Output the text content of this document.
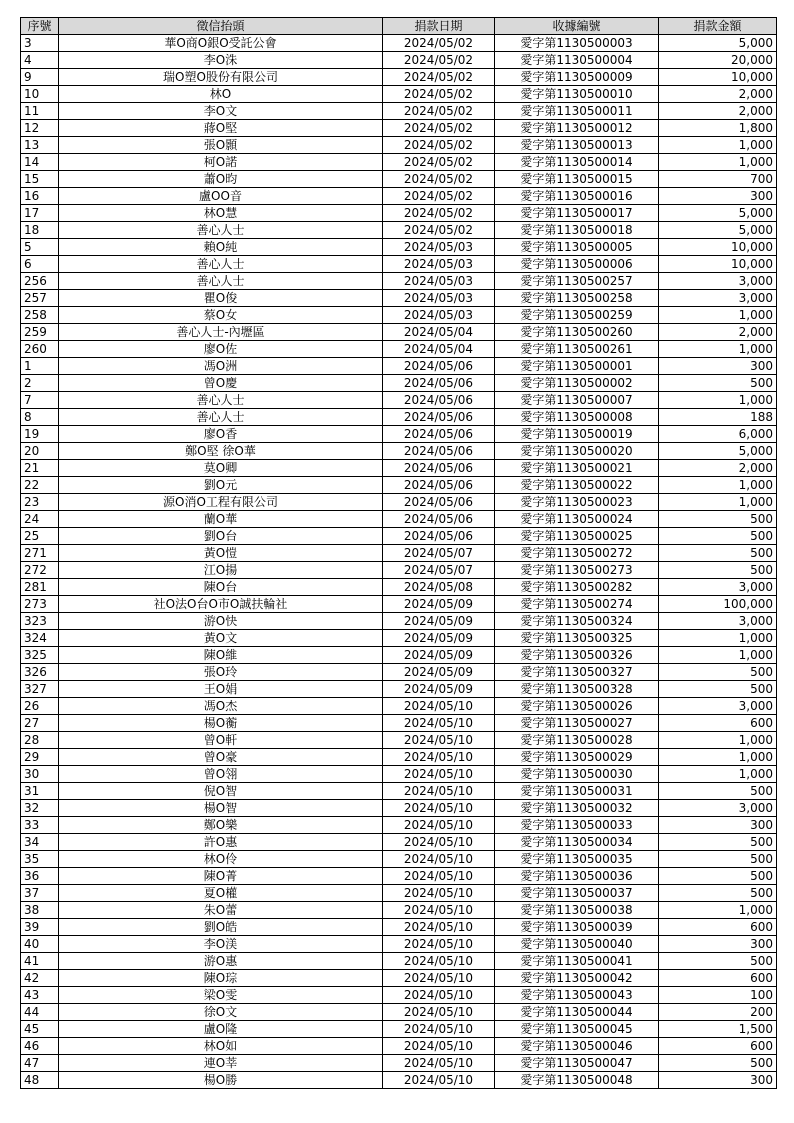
序號	徵信抬頭	捐款日期	收據編號	捐款金額
3	華O商O銀O受託公會	2024/05/02	愛字第1130500003	5,000
4	李O洙	2024/05/02	愛字第1130500004	20,000
9	瑞O塑O股份有限公司	2024/05/02	愛字第1130500009	10,000
10	林O	2024/05/02	愛字第1130500010	2,000
11	李O文	2024/05/02	愛字第1130500011	2,000
12	蔣O堅	2024/05/02	愛字第1130500012	1,800
13	張O顥	2024/05/02	愛字第1130500013	1,000
14	柯O諾	2024/05/02	愛字第1130500014	1,000
15	蕭O昀	2024/05/02	愛字第1130500015	700
16	盧OO音	2024/05/02	愛字第1130500016	300
17	林O慧	2024/05/02	愛字第1130500017	5,000
18	善心人士	2024/05/02	愛字第1130500018	5,000
5	賴O純	2024/05/03	愛字第1130500005	10,000
6	善心人士	2024/05/03	愛字第1130500006	10,000
256	善心人士	2024/05/03	愛字第1130500257	3,000
257	瞿O俊	2024/05/03	愛字第1130500258	3,000
258	蔡O女	2024/05/03	愛字第1130500259	1,000
259	善心人士-內壢區	2024/05/04	愛字第1130500260	2,000
260	廖O佐	2024/05/04	愛字第1130500261	1,000
1	馮O洲	2024/05/06	愛字第1130500001	300
2	曾O慶	2024/05/06	愛字第1130500002	500
7	善心人士	2024/05/06	愛字第1130500007	1,000
8	善心人士	2024/05/06	愛字第1130500008	188
19	廖O香	2024/05/06	愛字第1130500019	6,000
20	鄭O堅 徐O華	2024/05/06	愛字第1130500020	5,000
21	莫O卿	2024/05/06	愛字第1130500021	2,000
22	劉O元	2024/05/06	愛字第1130500022	1,000
23	源O消O工程有限公司	2024/05/06	愛字第1130500023	1,000
24	蘭O華	2024/05/06	愛字第1130500024	500
25	劉O台	2024/05/06	愛字第1130500025	500
271	黃O愷	2024/05/07	愛字第1130500272	500
272	江O揚	2024/05/07	愛字第1130500273	500
281	陳O台	2024/05/08	愛字第1130500282	3,000
273	社O法O台O市O誠扶輪社	2024/05/09	愛字第1130500274	100,000
323	游O快	2024/05/09	愛字第1130500324	3,000
324	黃O文	2024/05/09	愛字第1130500325	1,000
325	陳O維	2024/05/09	愛字第1130500326	1,000
326	張O玲	2024/05/09	愛字第1130500327	500
327	王O娟	2024/05/09	愛字第1130500328	500
26	馮O杰	2024/05/10	愛字第1130500026	3,000
27	楊O蘅	2024/05/10	愛字第1130500027	600
28	曾O軒	2024/05/10	愛字第1130500028	1,000
29	曾O豪	2024/05/10	愛字第1130500029	1,000
30	曾O翎	2024/05/10	愛字第1130500030	1,000
31	倪O智	2024/05/10	愛字第1130500031	500
32	楊O智	2024/05/10	愛字第1130500032	3,000
33	鄭O樂	2024/05/10	愛字第1130500033	300
34	許O惠	2024/05/10	愛字第1130500034	500
35	林O伶	2024/05/10	愛字第1130500035	500
36	陳O菁	2024/05/10	愛字第1130500036	500
37	夏O權	2024/05/10	愛字第1130500037	500
38	朱O蕾	2024/05/10	愛字第1130500038	1,000
39	劉O皓	2024/05/10	愛字第1130500039	600
40	李O渼	2024/05/10	愛字第1130500040	300
41	游O惠	2024/05/10	愛字第1130500041	500
42	陳O琮	2024/05/10	愛字第1130500042	600
43	梁O雯	2024/05/10	愛字第1130500043	100
44	徐O文	2024/05/10	愛字第1130500044	200
45	盧O隆	2024/05/10	愛字第1130500045	1,500
46	林O如	2024/05/10	愛字第1130500046	600
47	連O莘	2024/05/10	愛字第1130500047	500
48	楊O勝	2024/05/10	愛字第1130500048	300
